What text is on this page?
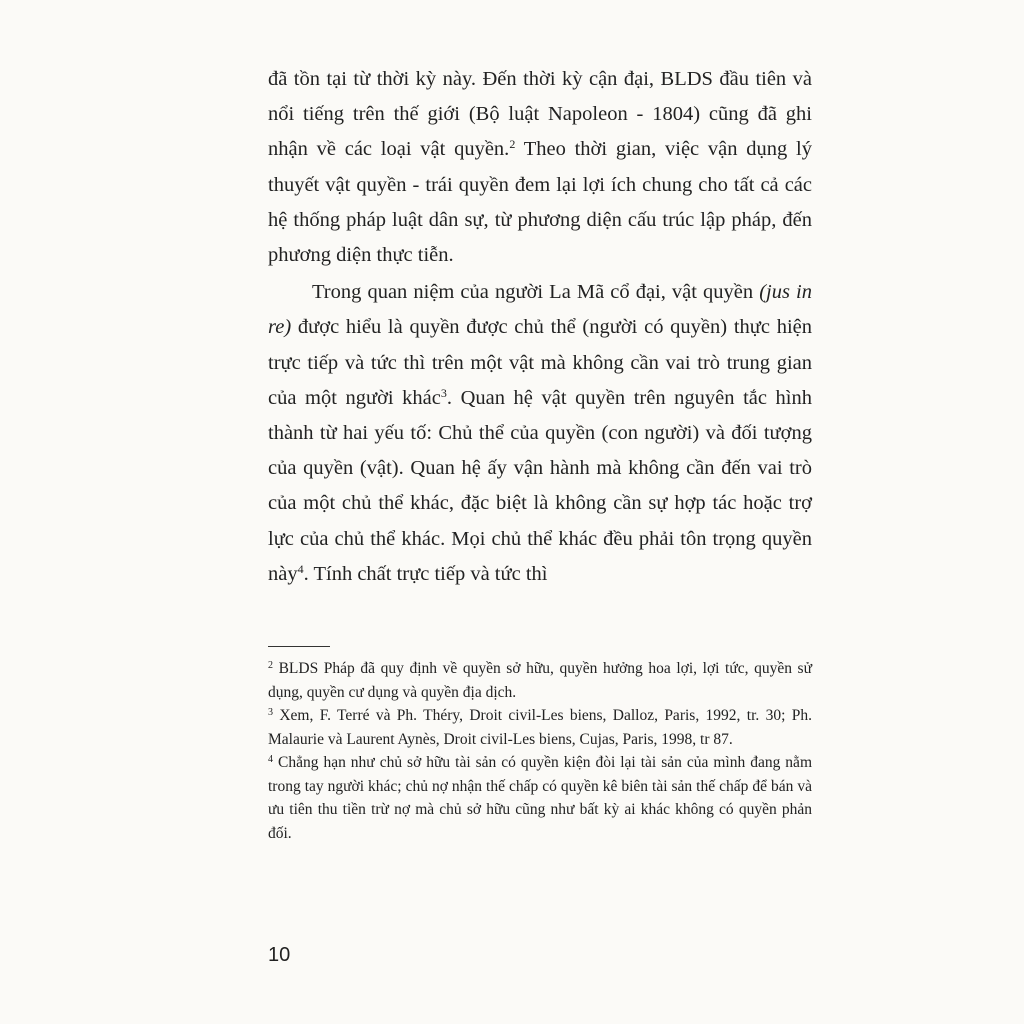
đã tồn tại từ thời kỳ này. Đến thời kỳ cận đại, BLDS đầu tiên và nổi tiếng trên thế giới (Bộ luật Napoleon - 1804) cũng đã ghi nhận về các loại vật quyền.$^2$ Theo thời gian, việc vận dụng lý thuyết vật quyền - trái quyền đem lại lợi ích chung cho tất cả các hệ thống pháp luật dân sự, từ phương diện cấu trúc lập pháp, đến phương diện thực tiễn.

Trong quan niệm của người La Mã cổ đại, vật quyền (jus in re) được hiểu là quyền được chủ thể (người có quyền) thực hiện trực tiếp và tức thì trên một vật mà không cần vai trò trung gian của một người khác$^3$. Quan hệ vật quyền trên nguyên tắc hình thành từ hai yếu tố: Chủ thể của quyền (con người) và đối tượng của quyền (vật). Quan hệ ấy vận hành mà không cần đến vai trò của một chủ thể khác, đặc biệt là không cần sự hợp tác hoặc trợ lực của chủ thể khác. Mọi chủ thể khác đều phải tôn trọng quyền này$^4$. Tính chất trực tiếp và tức thì

$^2$ BLDS Pháp đã quy định về quyền sở hữu, quyền hưởng hoa lợi, lợi tức, quyền sử dụng, quyền cư dụng và quyền địa dịch.

$^3$ Xem, F. Terré và Ph. Théry, Droit civil-Les biens, Dalloz, Paris, 1992, tr. 30; Ph. Malaurie và Laurent Aynès, Droit civil-Les biens, Cujas, Paris, 1998, tr 87.

$^4$ Chẳng hạn như chủ sở hữu tài sản có quyền kiện đòi lại tài sản của mình đang nằm trong tay người khác; chủ nợ nhận thế chấp có quyền kê biên tài sản thế chấp để bán và ưu tiên thu tiền trừ nợ mà chủ sở hữu cũng như bất kỳ ai khác không có quyền phản đối.

10
